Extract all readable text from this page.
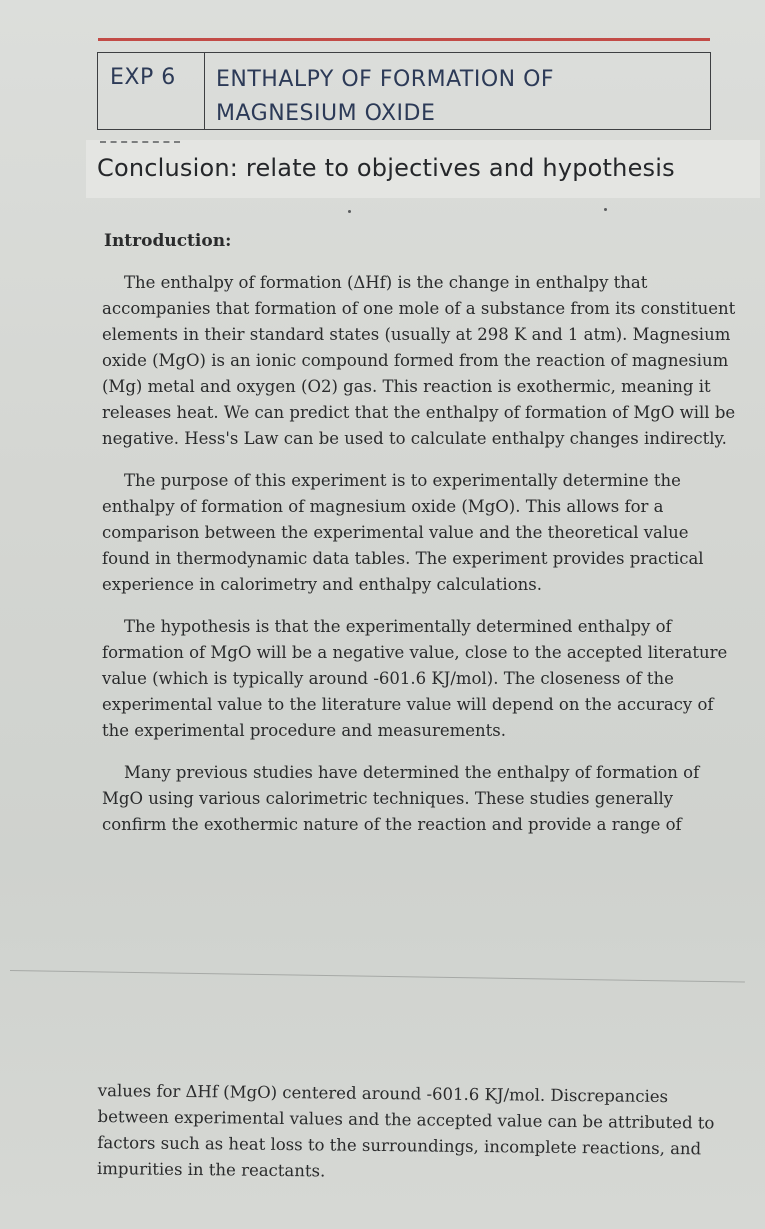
EXP 6	ENTHALPY OF FORMATION OF
MAGNESIUM OXIDE
Conclusion: relate to objectives and hypothesis
Introduction:

The enthalpy of formation (ΔHf) is the change in enthalpy that accompanies that formation of one mole of a substance from its constituent elements in their standard states (usually at 298 K and 1 atm). Magnesium oxide (MgO) is an ionic compound formed from the reaction of magnesium (Mg) metal and oxygen (O2) gas. This reaction is exothermic, meaning it releases heat. We can predict that the enthalpy of formation of MgO will be negative. Hess's Law can be used to calculate enthalpy changes indirectly.

The purpose of this experiment is to experimentally determine the enthalpy of formation of magnesium oxide (MgO). This allows for a comparison between the experimental value and the theoretical value found in thermodynamic data tables. The experiment provides practical experience in calorimetry and enthalpy calculations.

The hypothesis is that the experimentally determined enthalpy of formation of MgO will be a negative value, close to the accepted literature value (which is typically around -601.6 KJ/mol). The closeness of the experimental value to the literature value will depend on the accuracy of the experimental procedure and measurements.

Many previous studies have determined the enthalpy of formation of MgO using various calorimetric techniques. These studies generally confirm the exothermic nature of the reaction and provide a range of

values for ΔHf (MgO) centered around -601.6 KJ/mol. Discrepancies between experimental values and the accepted value can be attributed to factors such as heat loss to the surroundings, incomplete reactions, and impurities in the reactants.
